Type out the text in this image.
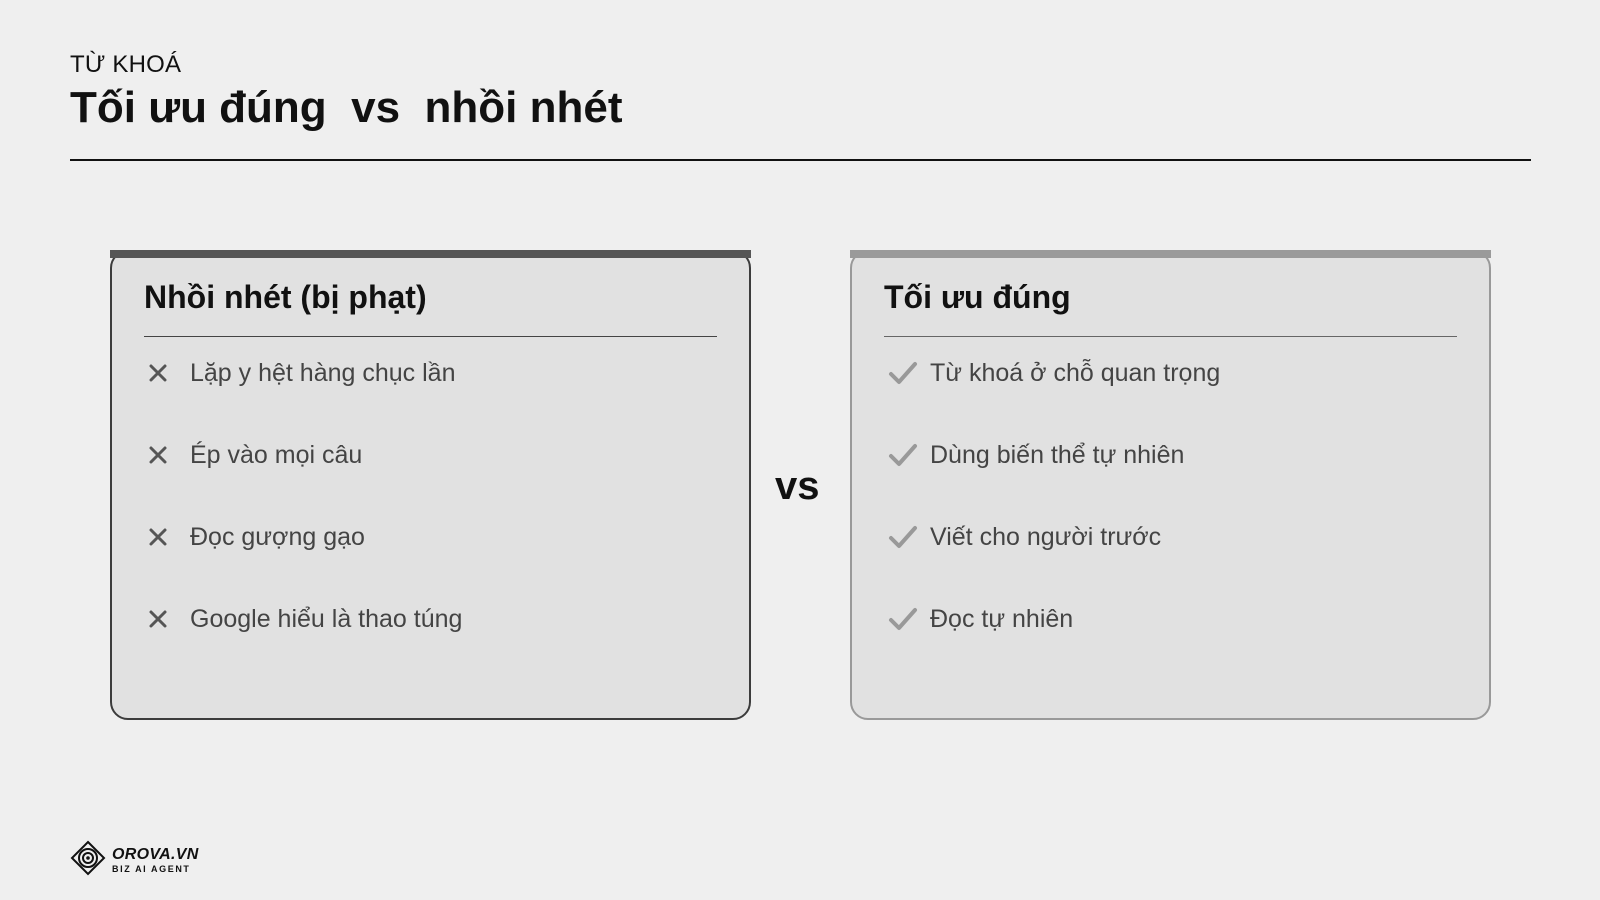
TỪ KHOÁ
Tối ưu đúng  vs  nhồi nhét
Nhồi nhét (bị phạt)
Lặp y hệt hàng chục lần
Ép vào mọi câu
Đọc gượng gạo
Google hiểu là thao túng
vs
Tối ưu đúng
Từ khoá ở chỗ quan trọng
Dùng biến thể tự nhiên
Viết cho người trước
Đọc tự nhiên
OROVA.VN
BIZ AI AGENT
